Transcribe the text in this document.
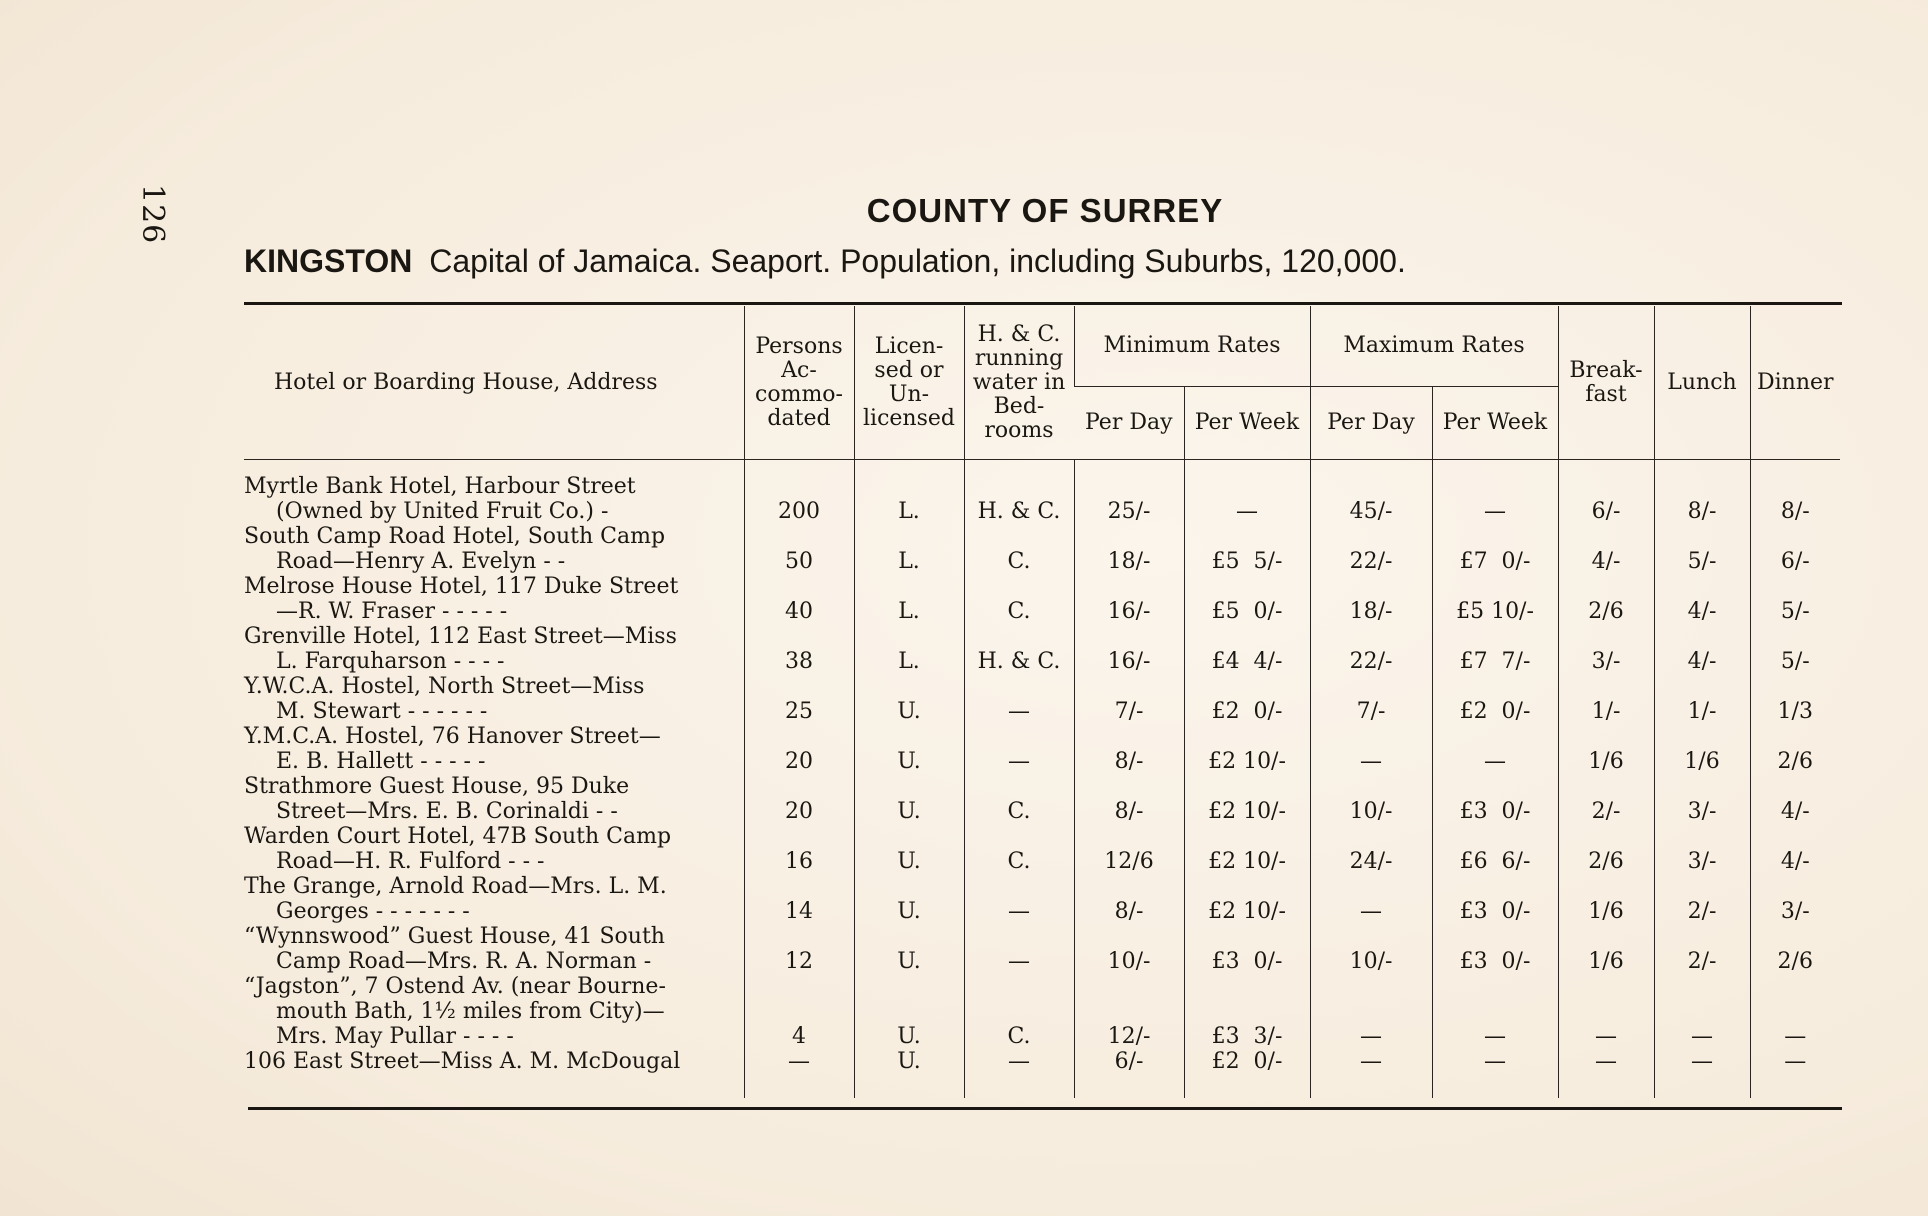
126	COUNTY OF SURREY
KINGSTON Capital of Jamaica. Seaport. Population, including Suburbs, 120,000.
Hotel or Boarding House, Address	Persons Ac- commo- dated	Licen- sed or Un- licensed	H. & C. running water in Bed- rooms	Minimum Rates		Maximum Rates		Break- fast	Lunch	Dinner
				Per Day	Per Week	Per Day	Per Week			

Myrtle Bank Hotel, Harbour Street
(Owned by United Fruit Co.) -	200	L.	H. & C.	25/-	—	45/-	—	6/-	8/-	8/-

South Camp Road Hotel, South Camp
Road—Henry A. Evelyn - -	50	L.	C.	18/-	£5  5/-	22/-	£7  0/-	4/-	5/-	6/-

Melrose House Hotel, 117 Duke Street
—R. W. Fraser - - - - -	40	L.	C.	16/-	£5  0/-	18/-	£5 10/-	2/6	4/-	5/-

Grenville Hotel, 112 East Street—Miss
L. Farquharson - - - -	38	L.	H. & C.	16/-	£4  4/-	22/-	£7  7/-	3/-	4/-	5/-

Y.W.C.A. Hostel, North Street—Miss
M. Stewart - - - - - -	25	U.	—	7/-	£2  0/-	7/-	£2  0/-	1/-	1/-	1/3

Y.M.C.A. Hostel, 76 Hanover Street—
E. B. Hallett - - - - -	20	U.	—	8/-	£2 10/-	—	—	1/6	1/6	2/6

Strathmore Guest House, 95 Duke
Street—Mrs. E. B. Corinaldi - -	20	U.	C.	8/-	£2 10/-	10/-	£3  0/-	2/-	3/-	4/-

Warden Court Hotel, 47B South Camp
Road—H. R. Fulford - - -	16	U.	C.	12/6	£2 10/-	24/-	£6  6/-	2/6	3/-	4/-

The Grange, Arnold Road—Mrs. L. M.
Georges - - - - - - -	14	U.	—	8/-	£2 10/-	—	£3  0/-	1/6	2/-	3/-

“Wynnswood” Guest House, 41 South
Camp Road—Mrs. R. A. Norman -	12	U.	—	10/-	£3  0/-	10/-	£3  0/-	1/6	2/-	2/6

“Jagston”, 7 Ostend Av. (near Bourne-
mouth Bath, 1½ miles from City)—
Mrs. May Pullar - - - -	4	U.	C.	12/-	£3  3/-	—	—	—	—	—

106 East Street—Miss A. M. McDougal	—	U.	—	6/-	£2  0/-	—	—	—	—	—
